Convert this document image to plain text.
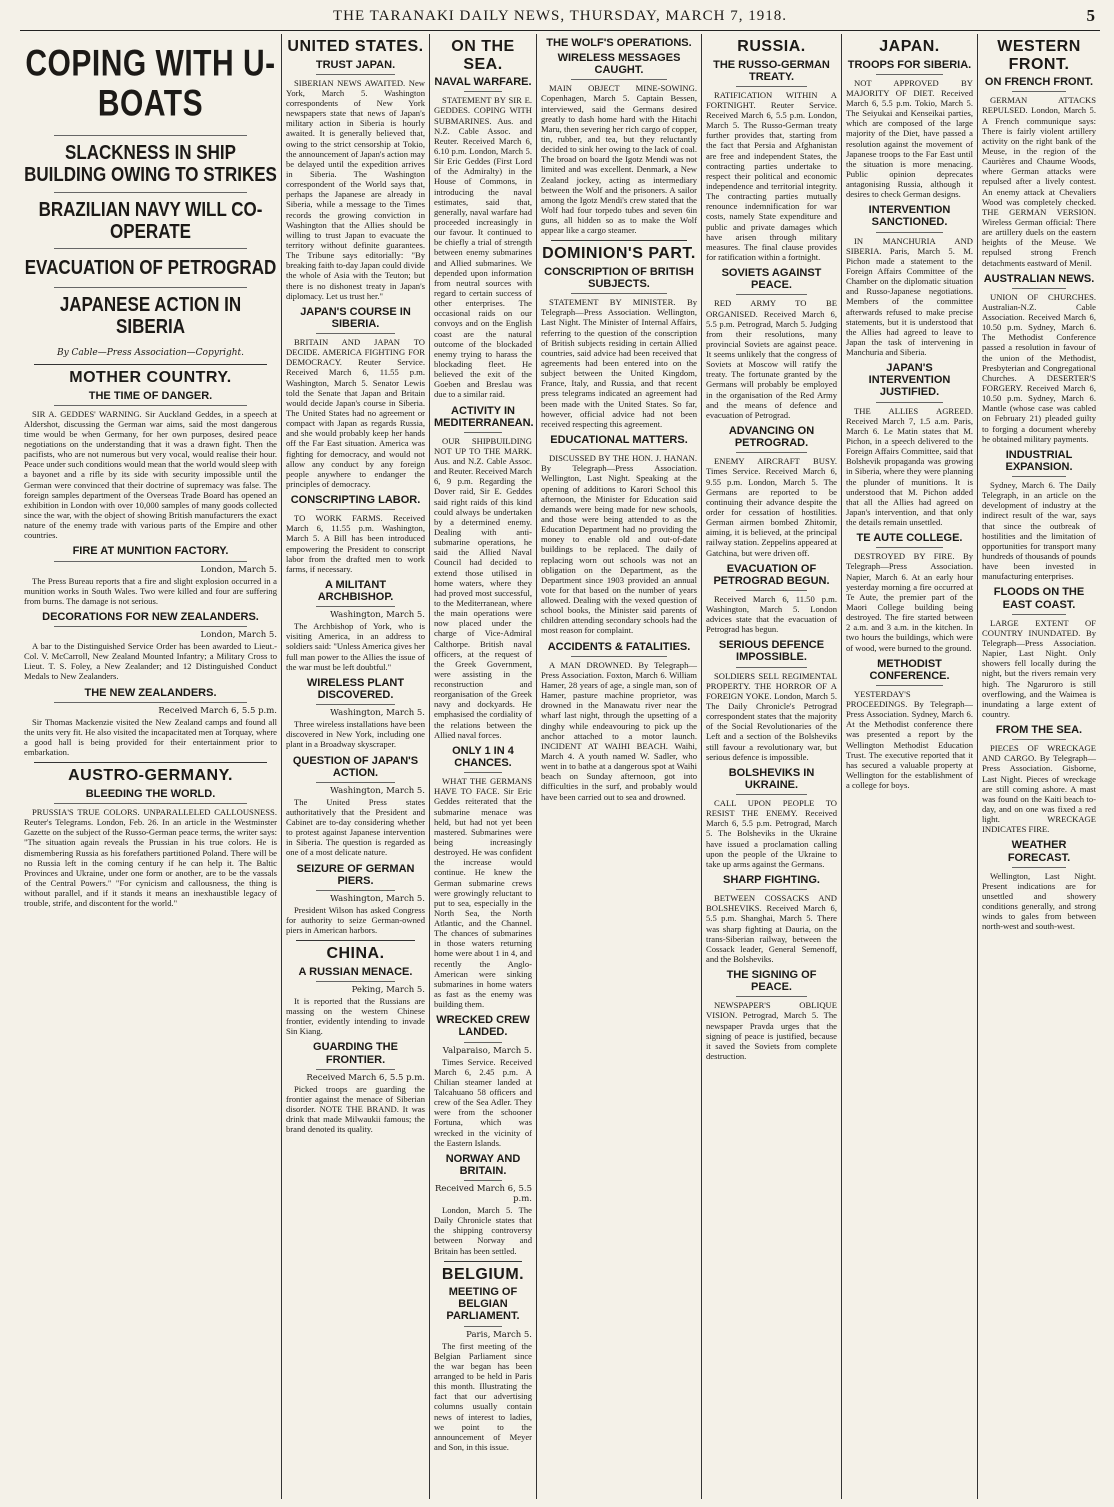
THE TARANAKI DAILY NEWS, THURSDAY, MARCH 7, 1918.	5
COPING WITH U-BOATS
SLACKNESS IN SHIP BUILDING OWING TO STRIKES
BRAZILIAN NAVY WILL CO-OPERATE
EVACUATION OF PETROGRAD
JAPANESE ACTION IN SIBERIA
By Cable—Press Association—Copyright.
MOTHER COUNTRY.
THE TIME OF DANGER.

SIR A. GEDDES' WARNING. Sir Auckland Geddes, in a speech at Aldershot, discussing the German war aims, said the most dangerous time would be when Germany, for her own purposes, desired peace negotiations on the understanding that it was a drawn fight. Then the pacifists, who are not numerous but very vocal, would realise their hour. Peace under such conditions would mean that the world would sleep with a bayonet and a rifle by its side with security impossible until the German were convinced that their doctrine of supremacy was false. The foreign samples department of the Overseas Trade Board has opened an exhibition in London with over 10,000 samples of many goods collected since the war, with the object of showing British manufacturers the exact nature of the enemy trade with various parts of the Empire and other countries.

FIRE AT MUNITION FACTORY.
London, March 5.

The Press Bureau reports that a fire and slight explosion occurred in a munition works in South Wales. Two were killed and four are suffering from burns. The damage is not serious.

DECORATIONS FOR NEW ZEALANDERS.
London, March 5.

A bar to the Distinguished Service Order has been awarded to Lieut.-Col. V. McCarroll, New Zealand Mounted Infantry; a Military Cross to Lieut. T. S. Foley, a New Zealander; and 12 Distinguished Conduct Medals to New Zealanders.

THE NEW ZEALANDERS.
Received March 6, 5.5 p.m.

Sir Thomas Mackenzie visited the New Zealand camps and found all the units very fit. He also visited the incapacitated men at Torquay, where a good hall is being provided for their entertainment prior to embarkation.

AUSTRO-GERMANY.
BLEEDING THE WORLD.

PRUSSIA'S TRUE COLORS. UNPARALLELED CALLOUSNESS. Reuter's Telegrams. London, Feb. 26. In an article in the Westminster Gazette on the subject of the Russo-German peace terms, the writer says: "The situation again reveals the Prussian in his true colors. He is dismembering Russia as his forefathers partitioned Poland. There will be no Russia left in the coming century if he can help it. The Baltic Provinces and Ukraine, under one form or another, are to be the vassals of the Central Powers." "For cynicism and callousness, the thing is without parallel, and if it stands it means an inexhaustible legacy of trouble, strife, and discontent for the world."

UNITED STATES.
TRUST JAPAN.

SIBERIAN NEWS AWAITED. New York, March 5. Washington correspondents of New York newspapers state that news of Japan's military action in Siberia is hourly awaited. It is generally believed that, owing to the strict censorship at Tokio, the announcement of Japan's action may be delayed until the expedition arrives in Siberia. The Washington correspondent of the World says that, perhaps the Japanese are already in Siberia, while a message to the Times records the growing conviction in Washington that the Allies should be willing to trust Japan to evacuate the territory without definite guarantees. The Tribune says editorially: "By breaking faith to-day Japan could divide the whole of Asia with the Teuton; but there is no dishonest treaty in Japan's diplomacy. Let us trust her."

JAPAN'S COURSE IN SIBERIA.

BRITAIN AND JAPAN TO DECIDE. AMERICA FIGHTING FOR DEMOCRACY. Reuter Service. Received March 6, 11.55 p.m. Washington, March 5. Senator Lewis told the Senate that Japan and Britain would decide Japan's course in Siberia. The United States had no agreement or compact with Japan as regards Russia, and she would probably keep her hands off the Far East situation. America was fighting for democracy, and would not allow any conduct by any foreign people anywhere to endanger the principles of democracy.

CONSCRIPTING LABOR.

TO WORK FARMS. Received March 6, 11.55 p.m. Washington, March 5. A Bill has been introduced empowering the President to conscript labor from the drafted men to work farms, if necessary.

A MILITANT ARCHBISHOP.
Washington, March 5.

The Archbishop of York, who is visiting America, in an address to soldiers said: "Unless America gives her full man power to the Allies the issue of the war must be left doubtful."

WIRELESS PLANT DISCOVERED.
Washington, March 5.

Three wireless installations have been discovered in New York, including one plant in a Broadway skyscraper.

QUESTION OF JAPAN'S ACTION.
Washington, March 5.

The United Press states authoritatively that the President and Cabinet are to-day considering whether to protest against Japanese intervention in Siberia. The question is regarded as one of a most delicate nature.

SEIZURE OF GERMAN PIERS.
Washington, March 5.

President Wilson has asked Congress for authority to seize German-owned piers in American harbors.

CHINA.
A RUSSIAN MENACE.
Peking, March 5.

It is reported that the Russians are massing on the western Chinese frontier, evidently intending to invade Sin Kiang.

GUARDING THE FRONTIER.
Received March 6, 5.5 p.m.

Picked troops are guarding the frontier against the menace of Siberian disorder. NOTE THE BRAND. It was drink that made Milwaukii famous; the brand denoted its quality.

ON THE SEA.
NAVAL WARFARE.

STATEMENT BY SIR E. GEDDES. COPING WITH SUBMARINES. Aus. and N.Z. Cable Assoc. and Reuter. Received March 6, 6.10 p.m. London, March 5. Sir Eric Geddes (First Lord of the Admiralty) in the House of Commons, in introducing the naval estimates, said that, generally, naval warfare had proceeded increasingly in our favour. It continued to be chiefly a trial of strength between enemy submarines and Allied submarines. We depended upon information from neutral sources with regard to certain success of other enterprises. The occasional raids on our convoys and on the English coast are the natural outcome of the blockaded enemy trying to harass the blockading fleet. He believed the exit of the Goeben and Breslau was due to a similar raid.

ACTIVITY IN MEDITERRANEAN.

OUR SHIPBUILDING NOT UP TO THE MARK. Aus. and N.Z. Cable Assoc. and Reuter. Received March 6, 9 p.m. Regarding the Dover raid, Sir E. Geddes said right raids of this kind could always be undertaken by a determined enemy. Dealing with anti-submarine operations, he said the Allied Naval Council had decided to extend those utilised in home waters, where they had proved most successful, to the Mediterranean, where the main operations were now placed under the charge of Vice-Admiral Calthorpe. British naval officers, at the request of the Greek Government, were assisting in the reconstruction and reorganisation of the Greek navy and dockyards. He emphasised the cordiality of the relations between the Allied naval forces.

ONLY 1 IN 4 CHANCES.

WHAT THE GERMANS HAVE TO FACE. Sir Eric Geddes reiterated that the submarine menace was held, but had not yet been mastered. Submarines were being increasingly destroyed. He was confident the increase would continue. He knew the German submarine crews were growingly reluctant to put to sea, especially in the North Sea, the North Atlantic, and the Channel. The chances of submarines in those waters returning home were about 1 in 4, and recently the Anglo-American were sinking submarines in home waters as fast as the enemy was building them.

WRECKED CREW LANDED.
Valparaiso, March 5.

Times Service. Received March 6, 2.45 p.m. A Chilian steamer landed at Talcahuano 58 officers and crew of the Sea Adler. They were from the schooner Fortuna, which was wrecked in the vicinity of the Eastern Islands.

NORWAY AND BRITAIN.
Received March 6, 5.5 p.m.

London, March 5. The Daily Chronicle states that the shipping controversy between Norway and Britain has been settled.

BELGIUM.
MEETING OF BELGIAN PARLIAMENT.
Paris, March 5.

The first meeting of the Belgian Parliament since the war began has been arranged to be held in Paris this month. Illustrating the fact that our advertising columns usually contain news of interest to ladies, we point to the announcement of Meyer and Son, in this issue.

THE WOLF'S OPERATIONS.
WIRELESS MESSAGES CAUGHT.

MAIN OBJECT MINE-SOWING. Copenhagen, March 5. Captain Bessen, interviewed, said the Germans desired greatly to dash home hard with the Hitachi Maru, then severing her rich cargo of copper, tin, rubber, and tea, but they reluctantly decided to sink her owing to the lack of coal. The broad on board the Igotz Mendi was not limited and was excellent. Denmark, a New Zealand jockey, acting as intermediary between the Wolf and the prisoners. A sailor among the Igotz Mendi's crew stated that the Wolf had four torpedo tubes and seven 6in guns, all hidden so as to make the Wolf appear like a cargo steamer.

DOMINION'S PART.
CONSCRIPTION OF BRITISH SUBJECTS.

STATEMENT BY MINISTER. By Telegraph—Press Association. Wellington, Last Night. The Minister of Internal Affairs, referring to the question of the conscription of British subjects residing in certain Allied countries, said advice had been received that agreements had been entered into on the subject between the United Kingdom, France, Italy, and Russia, and that recent press telegrams indicated an agreement had been made with the United States. So far, however, official advice had not been received respecting this agreement.

EDUCATIONAL MATTERS.

DISCUSSED BY THE HON. J. HANAN. By Telegraph—Press Association. Wellington, Last Night. Speaking at the opening of additions to Karori School this afternoon, the Minister for Education said demands were being made for new schools, and those were being attended to as the Education Department had no providing the money to enable old and out-of-date buildings to be replaced. The daily of replacing worn out schools was not an obligation on the Department, as the Department since 1903 provided an annual vote for that based on the number of years allowed. Dealing with the vexed question of school books, the Minister said parents of children attending secondary schools had the most reason for complaint.

ACCIDENTS & FATALITIES.

A MAN DROWNED. By Telegraph—Press Association. Foxton, March 6. William Hamer, 28 years of age, a single man, son of Hamer, pasture machine proprietor, was drowned in the Manawatu river near the wharf last night, through the upsetting of a dinghy while endeavouring to pick up the anchor attached to a motor launch. INCIDENT AT WAIHI BEACH. Waihi, March 4. A youth named W. Sadler, who went in to bathe at a dangerous spot at Waihi beach on Sunday afternoon, got into difficulties in the surf, and probably would have been carried out to sea and drowned.

RUSSIA.
THE RUSSO-GERMAN TREATY.

RATIFICATION WITHIN A FORTNIGHT. Reuter Service. Received March 6, 5.5 p.m. London, March 5. The Russo-German treaty further provides that, starting from the fact that Persia and Afghanistan are free and independent States, the contracting parties undertake to respect their political and economic independence and territorial integrity. The contracting parties mutually renounce indemnification for war costs, namely State expenditure and public and private damages which have arisen through military measures. The final clause provides for ratification within a fortnight.

SOVIETS AGAINST PEACE.

RED ARMY TO BE ORGANISED. Received March 6, 5.5 p.m. Petrograd, March 5. Judging from their resolutions, many provincial Soviets are against peace. It seems unlikely that the congress of Soviets at Moscow will ratify the treaty. The fortunate granted by the Germans will probably be employed in the organisation of the Red Army and the means of defence and evacuation of Petrograd.

ADVANCING ON PETROGRAD.

ENEMY AIRCRAFT BUSY. Times Service. Received March 6, 9.55 p.m. London, March 5. The Germans are reported to be continuing their advance despite the order for cessation of hostilities. German airmen bombed Zhitomir, aiming, it is believed, at the principal railway station. Zeppelins appeared at Gatchina, but were driven off.

EVACUATION OF PETROGRAD BEGUN.

Received March 6, 11.50 p.m. Washington, March 5. London advices state that the evacuation of Petrograd has begun.

SERIOUS DEFENCE IMPOSSIBLE.

SOLDIERS SELL REGIMENTAL PROPERTY. THE HORROR OF A FOREIGN YOKE. London, March 5. The Daily Chronicle's Petrograd correspondent states that the majority of the Social Revolutionaries of the Left and a section of the Bolsheviks still favour a revolutionary war, but serious defence is impossible.

BOLSHEVIKS IN UKRAINE.

CALL UPON PEOPLE TO RESIST THE ENEMY. Received March 6, 5.5 p.m. Petrograd, March 5. The Bolsheviks in the Ukraine have issued a proclamation calling upon the people of the Ukraine to take up arms against the Germans.

SHARP FIGHTING.

BETWEEN COSSACKS AND BOLSHEVIKS. Received March 6, 5.5 p.m. Shanghai, March 5. There was sharp fighting at Dauria, on the trans-Siberian railway, between the Cossack leader, General Semenoff, and the Bolsheviks.

THE SIGNING OF PEACE.

NEWSPAPER'S OBLIQUE VISION. Petrograd, March 5. The newspaper Pravda urges that the signing of peace is justified, because it saved the Soviets from complete destruction.

JAPAN.
TROOPS FOR SIBERIA.

NOT APPROVED BY MAJORITY OF DIET. Received March 6, 5.5 p.m. Tokio, March 5. The Seiyukai and Kenseikai parties, which are composed of the large majority of the Diet, have passed a resolution against the movement of Japanese troops to the Far East until the situation is more menacing. Public opinion deprecates antagonising Russia, although it desires to check German designs.

INTERVENTION SANCTIONED.

IN MANCHURIA AND SIBERIA. Paris, March 5. M. Pichon made a statement to the Foreign Affairs Committee of the Chamber on the diplomatic situation and Russo-Japanese negotiations. Members of the committee afterwards refused to make precise statements, but it is understood that the Allies had agreed to leave to Japan the task of intervening in Manchuria and Siberia.

JAPAN'S INTERVENTION JUSTIFIED.

THE ALLIES AGREED. Received March 7, 1.5 a.m. Paris, March 6. Le Matin states that M. Pichon, in a speech delivered to the Foreign Affairs Committee, said that Bolshevik propaganda was growing in Siberia, where they were planning the plunder of munitions. It is understood that M. Pichon added that all the Allies had agreed on Japan's intervention, and that only the details remain unsettled.

TE AUTE COLLEGE.

DESTROYED BY FIRE. By Telegraph—Press Association. Napier, March 6. At an early hour yesterday morning a fire occurred at Te Aute, the premier part of the Maori College building being destroyed. The fire started between 2 a.m. and 3 a.m. in the kitchen. In two hours the buildings, which were of wood, were burned to the ground.

METHODIST CONFERENCE.

YESTERDAY'S PROCEEDINGS. By Telegraph—Press Association. Sydney, March 6. At the Methodist conference there was presented a report by the Wellington Methodist Education Trust. The executive reported that it has secured a valuable property at Wellington for the establishment of a college for boys.

WESTERN FRONT.
ON FRENCH FRONT.

GERMAN ATTACKS REPULSED. London, March 5. A French communique says: There is fairly violent artillery activity on the right bank of the Meuse, in the region of the Caurières and Chaume Woods, where German attacks were repulsed after a lively contest. An enemy attack at Chevaliers Wood was completely checked. THE GERMAN VERSION. Wireless German official: There are artillery duels on the eastern heights of the Meuse. We repulsed strong French detachments eastward of Menil.

AUSTRALIAN NEWS.

UNION OF CHURCHES. Australian-N.Z. Cable Association. Received March 6, 10.50 p.m. Sydney, March 6. The Methodist Conference passed a resolution in favour of the union of the Methodist, Presbyterian and Congregational Churches. A DESERTER'S FORGERY. Received March 6, 10.50 p.m. Sydney, March 6. Mantle (whose case was cabled on February 21) pleaded guilty to forging a document whereby he obtained military payments.

INDUSTRIAL EXPANSION.

Sydney, March 6. The Daily Telegraph, in an article on the development of industry at the indirect result of the war, says that since the outbreak of hostilities and the limitation of opportunities for transport many hundreds of thousands of pounds have been invested in manufacturing enterprises.

FLOODS ON THE EAST COAST.

LARGE EXTENT OF COUNTRY INUNDATED. By Telegraph—Press Association. Napier, Last Night. Only showers fell locally during the night, but the rivers remain very high. The Ngaruroro is still overflowing, and the Waimea is inundating a large extent of country.

FROM THE SEA.

PIECES OF WRECKAGE AND CARGO. By Telegraph—Press Association. Gisborne, Last Night. Pieces of wreckage are still coming ashore. A mast was found on the Kaiti beach to-day, and on one was fixed a red light. WRECKAGE INDICATES FIRE.

WEATHER FORECAST.

Wellington, Last Night. Present indications are for unsettled and showery conditions generally, and strong winds to gales from between north-west and south-west.
